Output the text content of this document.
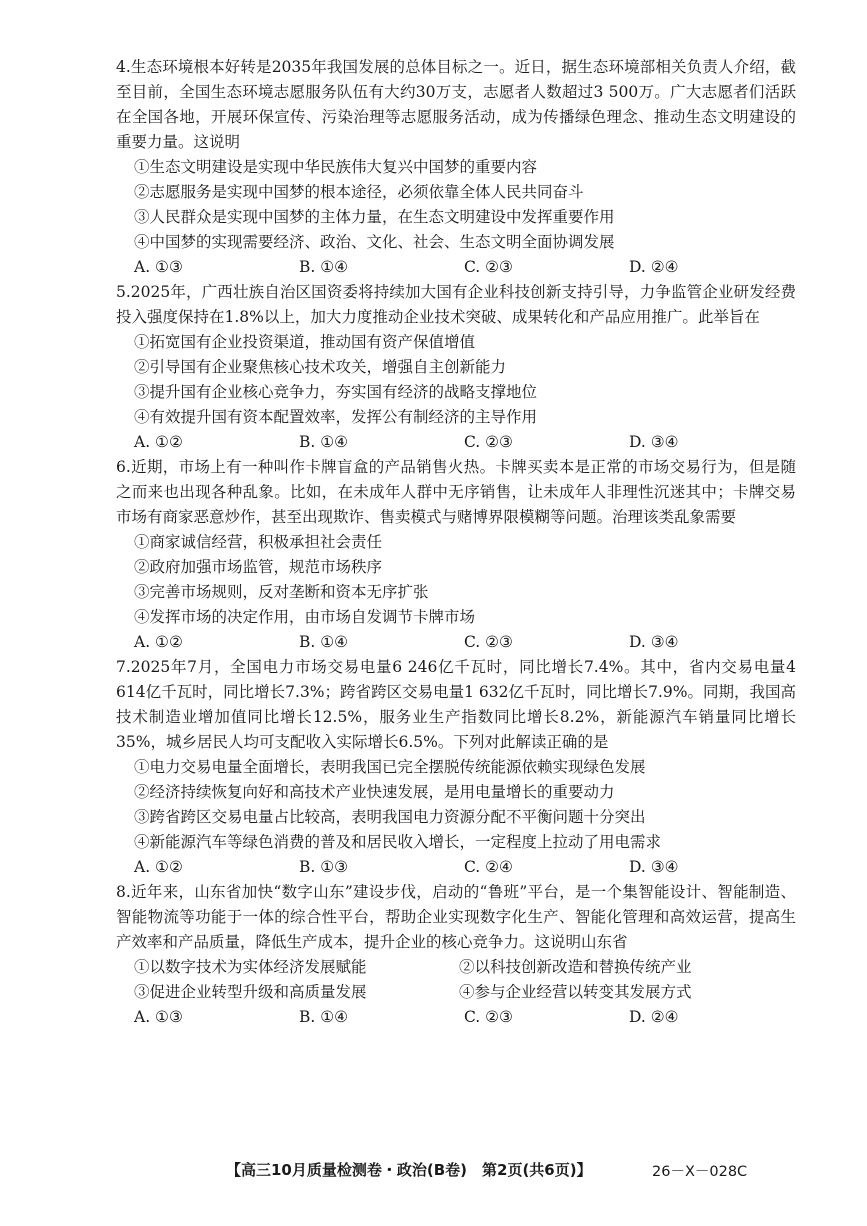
4.生态环境根本好转是2035年我国发展的总体目标之一。近日，据生态环境部相关负责人介绍，截至目前，全国生态环境志愿服务队伍有大约30万支，志愿者人数超过3 500万。广大志愿者们活跃在全国各地，开展环保宣传、污染治理等志愿服务活动，成为传播绿色理念、推动生态文明建设的重要力量。这说明
①生态文明建设是实现中华民族伟大复兴中国梦的重要内容
②志愿服务是实现中国梦的根本途径，必须依靠全体人民共同奋斗
③人民群众是实现中国梦的主体力量，在生态文明建设中发挥重要作用
④中国梦的实现需要经济、政治、文化、社会、生态文明全面协调发展
A. ①③	B. ①④	C. ②③	D. ②④
5.2025年，广西壮族自治区国资委将持续加大国有企业科技创新支持引导，力争监管企业研发经费投入强度保持在1.8%以上，加大力度推动企业技术突破、成果转化和产品应用推广。此举旨在
①拓宽国有企业投资渠道，推动国有资产保值增值
②引导国有企业聚焦核心技术攻关，增强自主创新能力
③提升国有企业核心竞争力，夯实国有经济的战略支撑地位
④有效提升国有资本配置效率，发挥公有制经济的主导作用
A. ①②	B. ①④	C. ②③	D. ③④
6.近期，市场上有一种叫作卡牌盲盒的产品销售火热。卡牌买卖本是正常的市场交易行为，但是随之而来也出现各种乱象。比如，在未成年人群中无序销售，让未成年人非理性沉迷其中；卡牌交易市场有商家恶意炒作，甚至出现欺诈、售卖模式与赌博界限模糊等问题。治理该类乱象需要
①商家诚信经营，积极承担社会责任
②政府加强市场监管，规范市场秩序
③完善市场规则，反对垄断和资本无序扩张
④发挥市场的决定作用，由市场自发调节卡牌市场
A. ①②	B. ①④	C. ②③	D. ③④
7.2025年7月，全国电力市场交易电量6 246亿千瓦时，同比增长7.4%。其中，省内交易电量4 614亿千瓦时，同比增长7.3%；跨省跨区交易电量1 632亿千瓦时，同比增长7.9%。同期，我国高技术制造业增加值同比增长12.5%，服务业生产指数同比增长8.2%，新能源汽车销量同比增长35%，城乡居民人均可支配收入实际增长6.5%。下列对此解读正确的是
①电力交易电量全面增长，表明我国已完全摆脱传统能源依赖实现绿色发展
②经济持续恢复向好和高技术产业快速发展，是用电量增长的重要动力
③跨省跨区交易电量占比较高，表明我国电力资源分配不平衡问题十分突出
④新能源汽车等绿色消费的普及和居民收入增长，一定程度上拉动了用电需求
A. ①②	B. ①③	C. ②④	D. ③④
8.近年来，山东省加快“数字山东”建设步伐，启动的“鲁班”平台，是一个集智能设计、智能制造、智能物流等功能于一体的综合性平台，帮助企业实现数字化生产、智能化管理和高效运营，提高生产效率和产品质量，降低生产成本，提升企业的核心竞争力。这说明山东省
①以数字技术为实体经济发展赋能	②以科技创新改造和替换传统产业
③促进企业转型升级和高质量发展	④参与企业经营以转变其发展方式
A. ①③	B. ①④	C. ②③	D. ②④
【高三10月质量检测卷・政治(B卷)　第2页(共6页)】	26－X－028C
